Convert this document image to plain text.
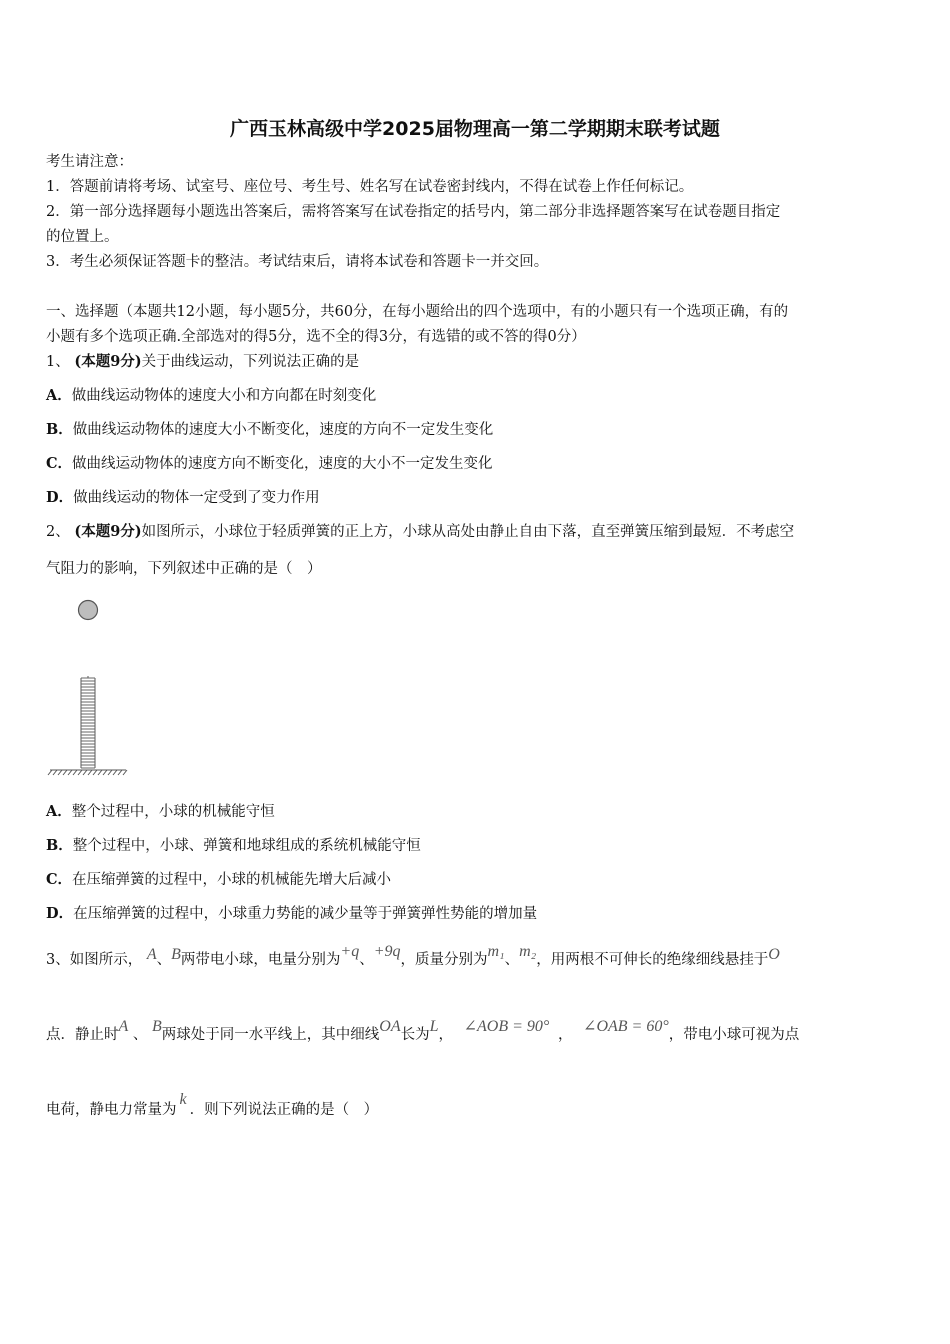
广西玉林高级中学2025届物理高一第二学期期末联考试题
考生请注意：
1．答题前请将考场、试室号、座位号、考生号、姓名写在试卷密封线内，不得在试卷上作任何标记。
2．第一部分选择题每小题选出答案后，需将答案写在试卷指定的括号内，第二部分非选择题答案写在试卷题目指定
的位置上。
3．考生必须保证答题卡的整洁。考试结束后，请将本试卷和答题卡一并交回。
一、选择题（本题共12小题，每小题5分，共60分，在每小题给出的四个选项中，有的小题只有一个选项正确，有的
小题有多个选项正确.全部选对的得5分，选不全的得3分，有选错的或不答的得0分）
1、 (本题9分)关于曲线运动，下列说法正确的是
A．做曲线运动物体的速度大小和方向都在时刻变化
B．做曲线运动物体的速度大小不断变化，速度的方向不一定发生变化
C．做曲线运动物体的速度方向不断变化，速度的大小不一定发生变化
D．做曲线运动的物体一定受到了变力作用
2、 (本题9分)如图所示，小球位于轻质弹簧的正上方，小球从高处由静止自由下落，直至弹簧压缩到最短．不考虑空
气阻力的影响，下列叙述中正确的是（　）
A．整个过程中，小球的机械能守恒
B．整个过程中，小球、弹簧和地球组成的系统机械能守恒
C．在压缩弹簧的过程中，小球的机械能先增大后减小
D．在压缩弹簧的过程中，小球重力势能的减少量等于弹簧弹性势能的增加量
3、如图所示， A、B两带电小球，电量分别为+q、+9q，质量分别为m₁、m₂，用两根不可伸长的绝缘细线悬挂于O
点．静止时A 、 B两球处于同一水平线上，其中细线OA长为L， ∠AOB = 90° ， ∠OAB = 60°，带电小球可视为点
电荷，静电力常量为k．则下列说法正确的是（　）
